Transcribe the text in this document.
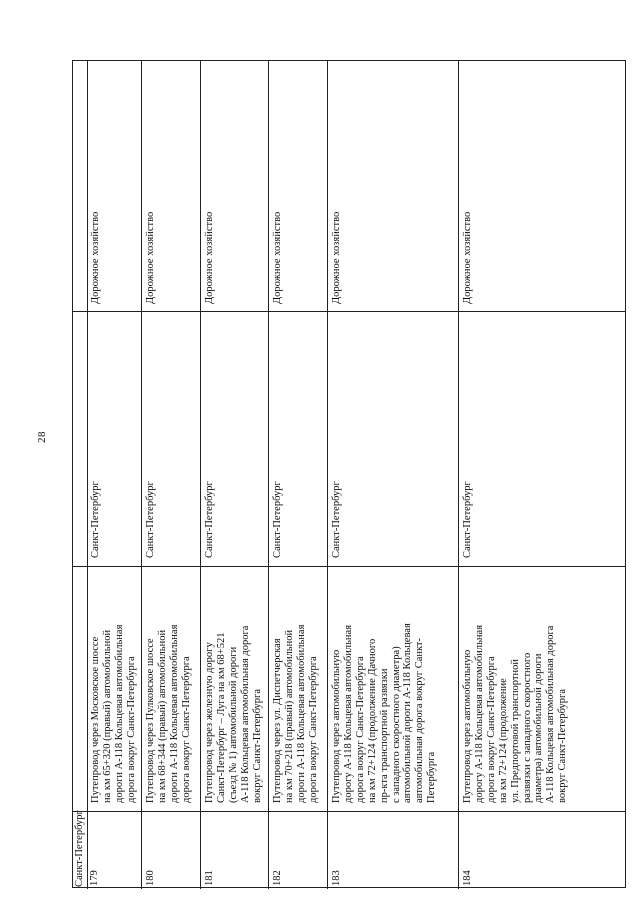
28
Санкт-Петербург 179
Путепровод через Московское шоссе на км 65+320 (правый) автомобильной дороги А-118 Кольцевая автомобильная дорога вокруг Санкт-Петербурга
Санкт-Петербург
Дорожное хозяйство
180
Путепровод через Пулковское шоссе на км 68+344 (правый) автомобильной дороги А-118 Кольцевая автомобильная дорога вокруг Санкт-Петербурга
Санкт-Петербург
Дорожное хозяйство
181
Путепровод через железную дорогу Санкт-Петербург – Луга на км 68+521 (съезд № 1) автомобильной дороги А-118 Кольцевая автомобильная дорога вокруг Санкт-Петербурга
Санкт-Петербург
Дорожное хозяйство
182
Путепровод через ул. Диспетчерская на км 70+218 (правый) автомобильной дороги А-118 Кольцевая автомобильная дорога вокруг Санкт-Петербурга
Санкт-Петербург
Дорожное хозяйство
183
Путепровод через автомобильную дорогу А-118 Кольцевая автомобильная дорога вокруг Санкт-Петербурга на км 72+124 (продолжение Дачного пр-кта транспортной развязки с западного скоростного диаметра) автомобильной дороги А-118 Кольцевая автомобильная дорога вокруг Санкт- Петербурга
Санкт-Петербург
Дорожное хозяйство
184
Путепровод через автомобильную дорогу А-118 Кольцевая автомобильная дорога вокруг Санкт-Петербурга на км 72+124 (продолжение ул. Предпортовой транспортной развязки с западного скоростного диаметра) автомобильной дороги А-118 Кольцевая автомобильная дорога вокруг Санкт-Петербурга
Санкт-Петербург
Дорожное хозяйство
